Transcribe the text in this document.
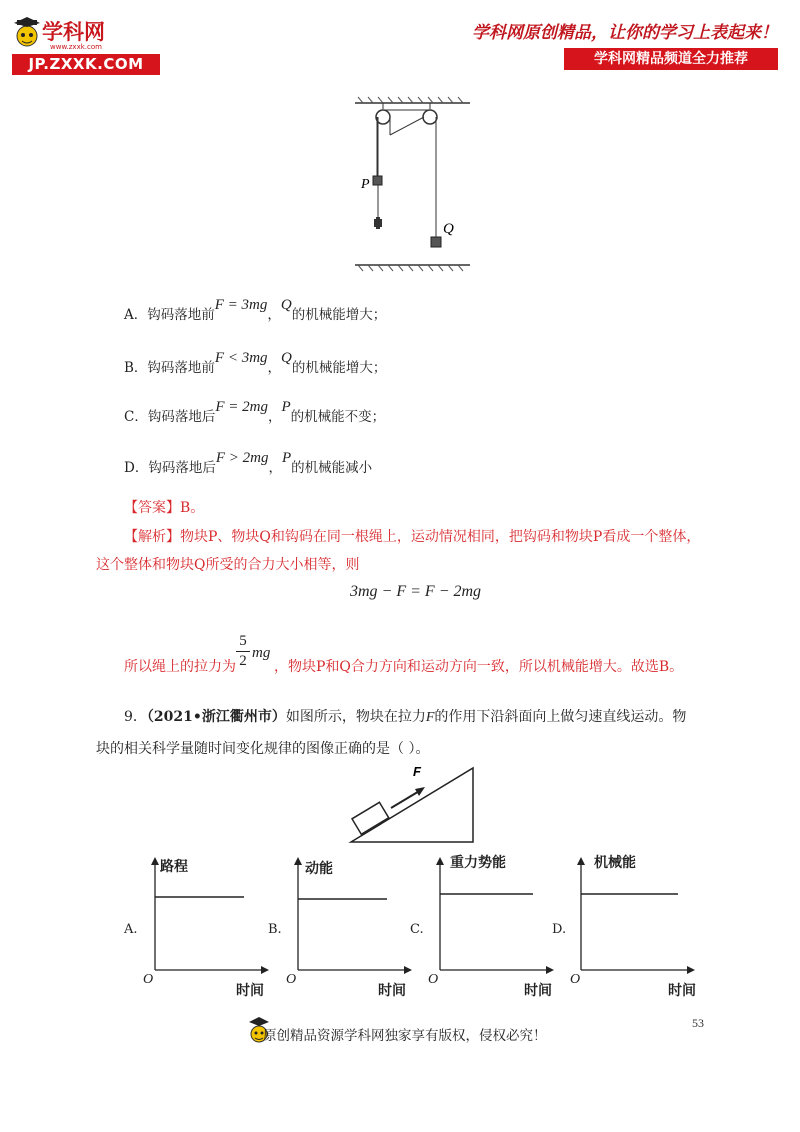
学科网
www.zxxk.com
JP.ZXXK.COM
学科网原创精品，让你的学习上表起来！
学科网精品频道全力推荐
P
Q
A．钩码落地前F = 3mg，Q的机械能增大；
B．钩码落地前F < 3mg，Q的机械能增大；
C．钩码落地后F = 2mg，P的机械能不变；
D．钩码落地后F > 2mg，P的机械能减小
【答案】B。
【解析】物块P、物块Q和钩码在同一根绳上，运动情况相同，把钩码和物块P看成一个整体，
这个整体和物块Q所受的合力大小相等，则
3mg − F = F − 2mg
所以绳上的拉力为
5
2 mg
，物块P和Q合力方向和运动方向一致，所以机械能增大。故选B。
9．（2021•浙江衢州市）如图所示，物块在拉力F的作用下沿斜面向上做匀速直线运动。物
块的相关科学量随时间变化规律的图像正确的是（ ）。
F
A.
路程
时间
O
B.
动能
时间
O
C.
重力势能
时间
O
D.
机械能
时间
O
53
原创精品资源学科网独家享有版权，侵权必究！
